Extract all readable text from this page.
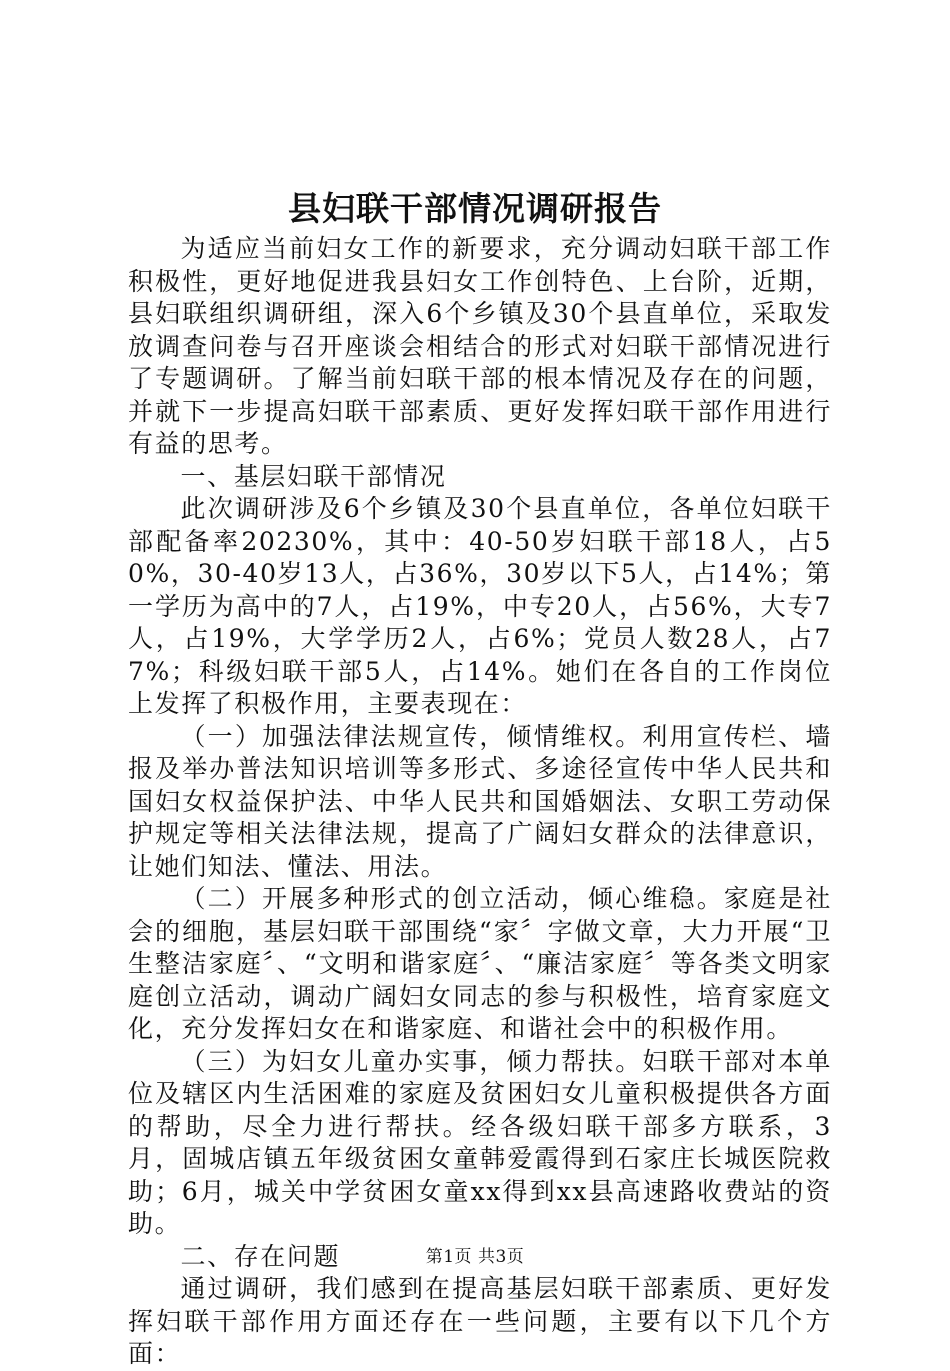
县妇联干部情况调研报告

为适应当前妇女工作的新要求，充分调动妇联干部工作积极性，更好地促进我县妇女工作创特色、上台阶，近期，县妇联组织调研组，深入6个乡镇及30个县直单位，采取发放调查问卷与召开座谈会相结合的形式对妇联干部情况进行了专题调研。了解当前妇联干部的根本情况及存在的问题，并就下一步提高妇联干部素质、更好发挥妇联干部作用进行有益的思考。

一、基层妇联干部情况

此次调研涉及6个乡镇及30个县直单位，各单位妇联干部配备率20230%，其中：40-50岁妇联干部18人，占50%，30-40岁13人，占36%，30岁以下5人，占14%；第一学历为高中的7人，占19%，中专20人，占56%，大专7人，占19%，大学学历2人，占6%；党员人数28人，占77%；科级妇联干部5人，占14%。她们在各自的工作岗位上发挥了积极作用，主要表现在：

（一）加强法律法规宣传，倾情维权。利用宣传栏、墙报及举办普法知识培训等多形式、多途径宣传中华人民共和国妇女权益保护法、中华人民共和国婚姻法、女职工劳动保护规定等相关法律法规，提高了广阔妇女群众的法律意识，让她们知法、懂法、用法。

（二）开展多种形式的创立活动，倾心维稳。家庭是社会的细胞，基层妇联干部围绕“家〞字做文章，大力开展“卫生整洁家庭〞、“文明和谐家庭〞、“廉洁家庭〞等各类文明家庭创立活动，调动广阔妇女同志的参与积极性，培育家庭文化，充分发挥妇女在和谐家庭、和谐社会中的积极作用。

（三）为妇女儿童办实事，倾力帮扶。妇联干部对本单位及辖区内生活困难的家庭及贫困妇女儿童积极提供各方面的帮助，尽全力进行帮扶。经各级妇联干部多方联系，3月，固城店镇五年级贫困女童韩爱霞得到石家庄长城医院救助；6月，城关中学贫困女童xx得到xx县高速路收费站的资助。

二、存在问题

通过调研，我们感到在提高基层妇联干部素质、更好发挥妇联干部作用方面还存在一些问题，主要有以下几个方面：

第1页 共3页
